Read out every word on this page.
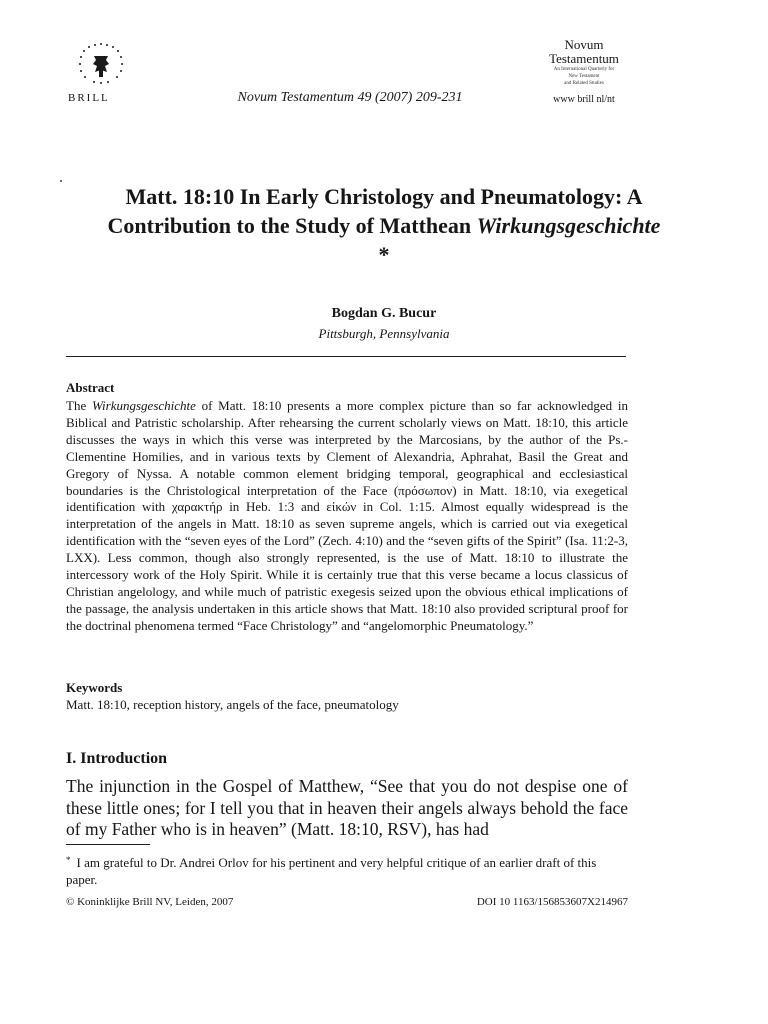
BRILL	Novum Testamentum 49 (2007) 209-231
Novum
Testamentum
An International Quarterly for
New Testament
and Related Studies
www brill nl/nt
Matt. 18:10 In Early Christology and Pneumatology: A Contribution to the Study of Matthean Wirkungsgeschichte *
Bogdan G. Bucur
Pittsburgh, Pennsylvania
Abstract

The Wirkungsgeschichte of Matt. 18:10 presents a more complex picture than so far acknowledged in Biblical and Patristic scholarship. After rehearsing the current scholarly views on Matt. 18:10, this article discusses the ways in which this verse was interpreted by the Marcosians, by the author of the Ps.-Clementine Homilies, and in various texts by Clement of Alexandria, Aphrahat, Basil the Great and Gregory of Nyssa. A notable common element bridging temporal, geographical and ecclesiastical boundaries is the Christological interpretation of the Face (πρόσωπον) in Matt. 18:10, via exegetical identification with χαρακτήρ in Heb. 1:3 and εἰκών in Col. 1:15. Almost equally widespread is the interpretation of the angels in Matt. 18:10 as seven supreme angels, which is carried out via exegetical identification with the “seven eyes of the Lord” (Zech. 4:10) and the “seven gifts of the Spirit” (Isa. 11:2-3, LXX). Less common, though also strongly represented, is the use of Matt. 18:10 to illustrate the intercessory work of the Holy Spirit. While it is certainly true that this verse became a locus classicus of Christian angelology, and while much of patristic exegesis seized upon the obvious ethical implications of the passage, the analysis undertaken in this article shows that Matt. 18:10 also provided scriptural proof for the doctrinal phenomena termed “Face Christology” and “angelomorphic Pneumatology.”

Keywords
Matt. 18:10, reception history, angels of the face, pneumatology
I. Introduction

The injunction in the Gospel of Matthew, “See that you do not despise one of these little ones; for I tell you that in heaven their angels always behold the face of my Father who is in heaven” (Matt. 18:10, RSV), has had

* I am grateful to Dr. Andrei Orlov for his pertinent and very helpful critique of an earlier draft of this paper.

© Koninklijke Brill NV, Leiden, 2007	DOI 10 1163/156853607X214967
